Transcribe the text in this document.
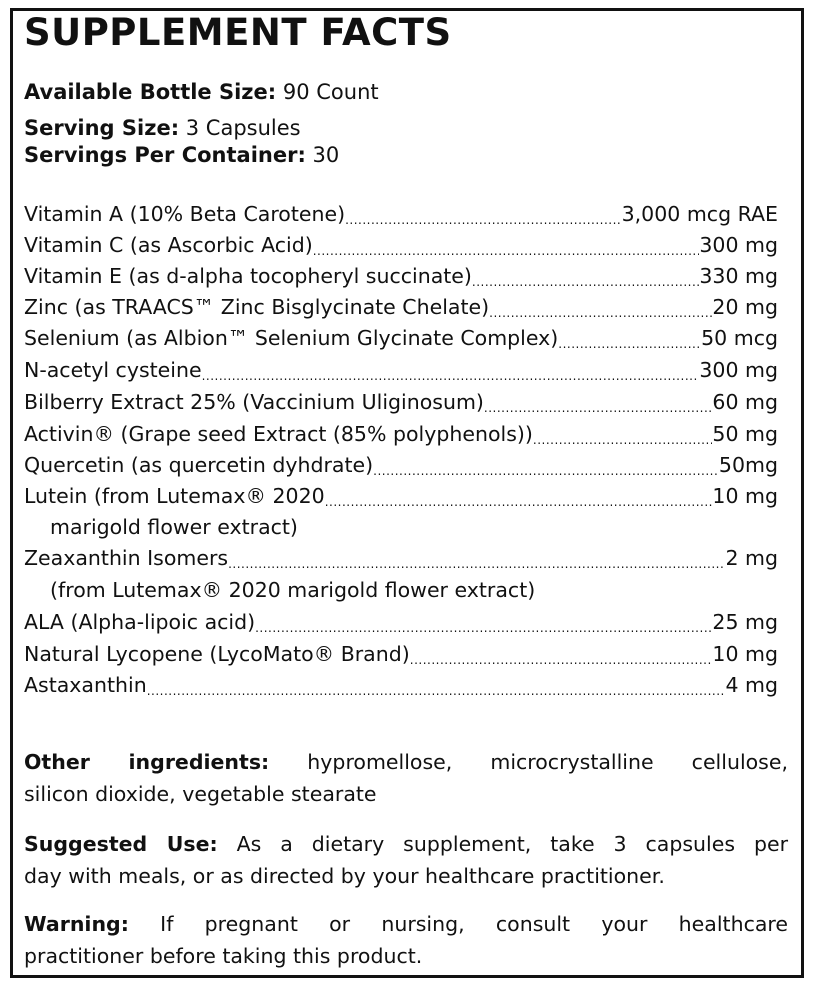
SUPPLEMENT FACTS
Available Bottle Size: 90 Count
Serving Size: 3 Capsules
Servings Per Container: 30
Vitamin A (10% Beta Carotene) .....	3,000 mcg RAE
Vitamin C (as Ascorbic Acid) .....	300 mg
Vitamin E (as d-alpha tocopheryl succinate) .....	330 mg
Zinc (as TRAACS™ Zinc Bisglycinate Chelate) .....	20 mg
Selenium (as Albion™ Selenium Glycinate Complex) .....	50 mcg
N-acetyl cysteine .....	300 mg
Bilberry Extract 25% (Vaccinium Uliginosum) .....	60 mg
Activin® (Grape seed Extract (85% polyphenols)) .....	50 mg
Quercetin (as quercetin dyhdrate) .....	50mg
Lutein (from Lutemax® 2020 .....	10 mg
marigold flower extract)
Zeaxanthin Isomers .....	2 mg
(from Lutemax® 2020 marigold flower extract)
ALA (Alpha-lipoic acid) .....	25 mg
Natural Lycopene (LycoMato® Brand) .....	10 mg
Astaxanthin .....	4 mg
Other ingredients: hypromellose, microcrystalline cellulose,
silicon dioxide, vegetable stearate
Suggested Use: As a dietary supplement, take 3 capsules per
day with meals, or as directed by your healthcare practitioner.
Warning: If pregnant or nursing, consult your healthcare
practitioner before taking this product.
